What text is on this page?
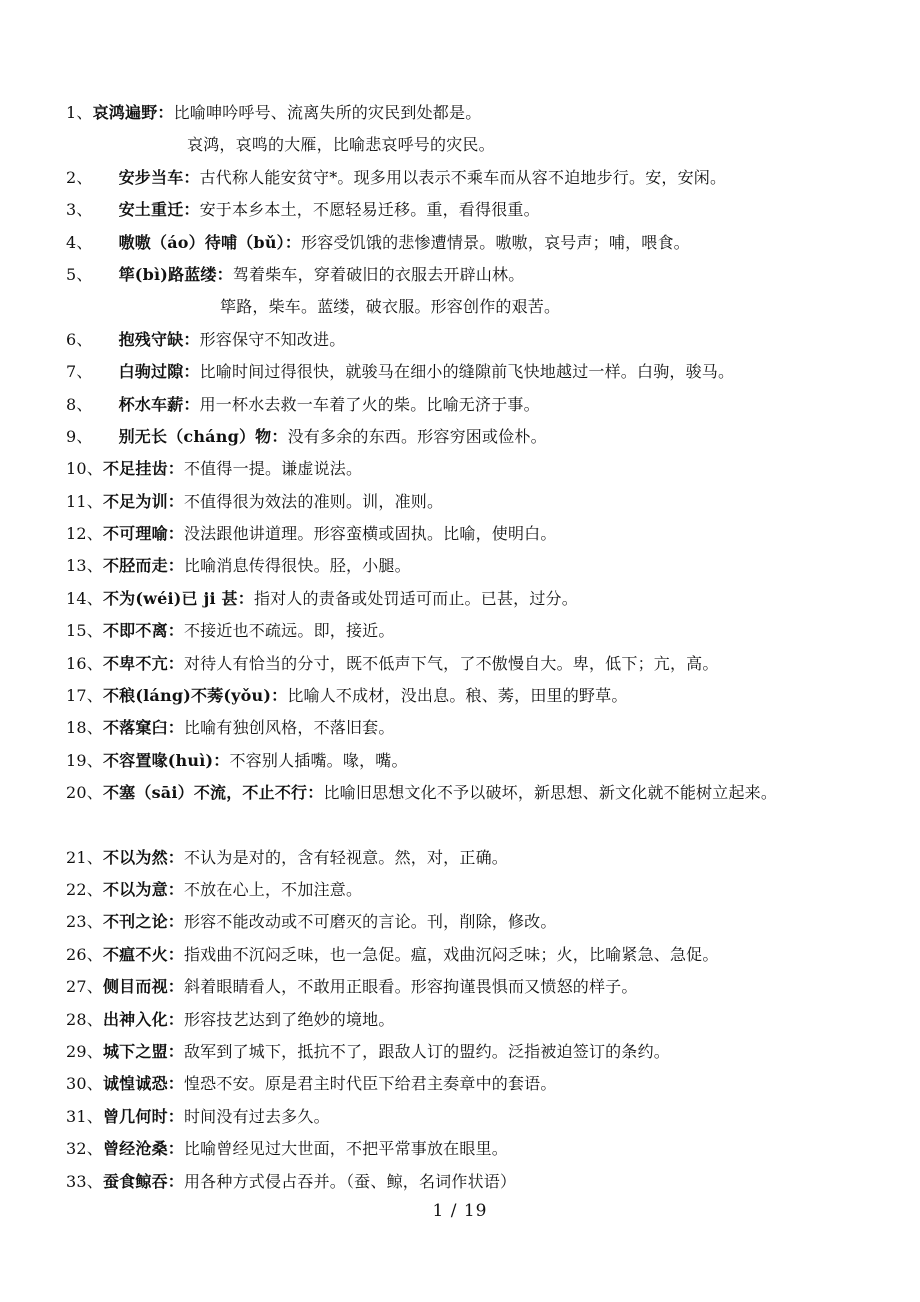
1、哀鸿遍野：比喻呻吟呼号、流离失所的灾民到处都是。
哀鸿，哀鸣的大雁，比喻悲哀呼号的灾民。
2、 安步当车：古代称人能安贫守*。现多用以表示不乘车而从容不迫地步行。安，安闲。
3、 安土重迁：安于本乡本土，不愿轻易迁移。重，看得很重。
4、 嗷嗷（áo）待哺（bǔ）：形容受饥饿的悲惨遭情景。嗷嗷，哀号声；哺，喂食。
5、 筚(bì)路蓝缕：驾着柴车，穿着破旧的衣服去开辟山林。
筚路，柴车。蓝缕，破衣服。形容创作的艰苦。
6、 抱残守缺：形容保守不知改进。
7、 白驹过隙：比喻时间过得很快，就骏马在细小的缝隙前飞快地越过一样。白驹，骏马。
8、 杯水车薪：用一杯水去救一车着了火的柴。比喻无济于事。
9、 别无长（cháng）物：没有多余的东西。形容穷困或俭朴。
10、不足挂齿：不值得一提。谦虚说法。
11、不足为训：不值得很为效法的准则。训，准则。
12、不可理喻：没法跟他讲道理。形容蛮横或固执。比喻，使明白。
13、不胫而走：比喻消息传得很快。胫，小腿。
14、不为(wéi)已 ji 甚：指对人的责备或处罚适可而止。已甚，过分。
15、不即不离：不接近也不疏远。即，接近。
16、不卑不亢：对待人有恰当的分寸，既不低声下气，了不傲慢自大。卑，低下；亢，高。
17、不稂(láng)不莠(yǒu)：比喻人不成材，没出息。稂、莠，田里的野草。
18、不落窠臼：比喻有独创风格，不落旧套。
19、不容置喙(huì)：不容别人插嘴。喙，嘴。
20、不塞（sāi）不流，不止不行：比喻旧思想文化不予以破坏，新思想、新文化就不能树立起来。
21、不以为然：不认为是对的，含有轻视意。然，对，正确。
22、不以为意：不放在心上，不加注意。
23、不刊之论：形容不能改动或不可磨灭的言论。刊，削除，修改。
26、不瘟不火：指戏曲不沉闷乏味，也一急促。瘟，戏曲沉闷乏味；火，比喻紧急、急促。
27、侧目而视：斜着眼睛看人，不敢用正眼看。形容拘谨畏惧而又愤怒的样子。
28、出神入化：形容技艺达到了绝妙的境地。
29、城下之盟：敌军到了城下，抵抗不了，跟敌人订的盟约。泛指被迫签订的条约。
30、诚惶诚恐：惶恐不安。原是君主时代臣下给君主奏章中的套语。
31、曾几何时：时间没有过去多久。
32、曾经沧桑：比喻曾经见过大世面，不把平常事放在眼里。
33、蚕食鲸吞：用各种方式侵占吞并。（蚕、鲸，名词作状语）
1 / 19
